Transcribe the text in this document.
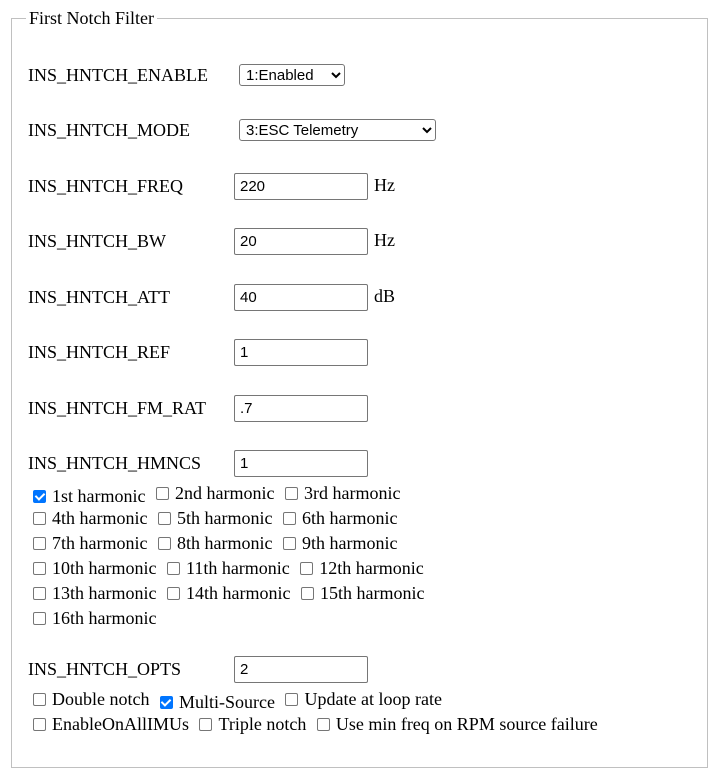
First Notch Filter
INS_HNTCH_ENABLE
1:Enabled
INS_HNTCH_MODE
3:ESC Telemetry
INS_HNTCH_FREQ
220	Hz
INS_HNTCH_BW
20	Hz
INS_HNTCH_ATT
40	dB
INS_HNTCH_REF
1
INS_HNTCH_FM_RAT
.7
INS_HNTCH_HMNCS
1
1st harmonic
2nd harmonic
3rd harmonic
4th harmonic
5th harmonic
6th harmonic
7th harmonic
8th harmonic
9th harmonic
10th harmonic
11th harmonic
12th harmonic
13th harmonic
14th harmonic
15th harmonic
16th harmonic
INS_HNTCH_OPTS
2
Double notch
Multi-Source
Update at loop rate
EnableOnAllIMUs
Triple notch
Use min freq on RPM source failure
